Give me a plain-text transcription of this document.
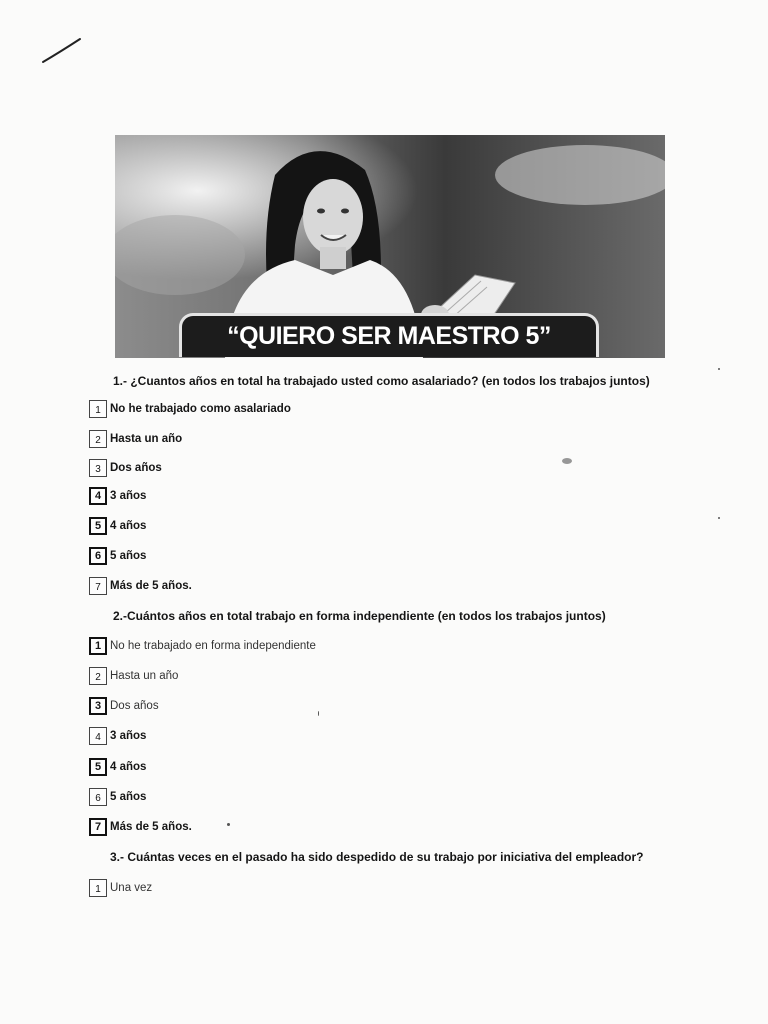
“QUIERO SER MAESTRO 5”
1.- ¿Cuantos años en total ha trabajado usted como asalariado? (en todos los trabajos juntos)
1 No he trabajado como asalariado
2 Hasta un año
3 Dos años
4 3 años
5 4 años
6 5 años
7 Más de 5 años.
2.-Cuántos años en total trabajo en forma independiente (en todos los trabajos juntos)
1 No he trabajado en forma independiente
2 Hasta un año
3 Dos años
4 3 años
5 4 años
6 5 años
7 Más de 5 años.
3.- Cuántas veces en el pasado ha sido despedido de su trabajo por iniciativa del empleador?
1 Una vez
